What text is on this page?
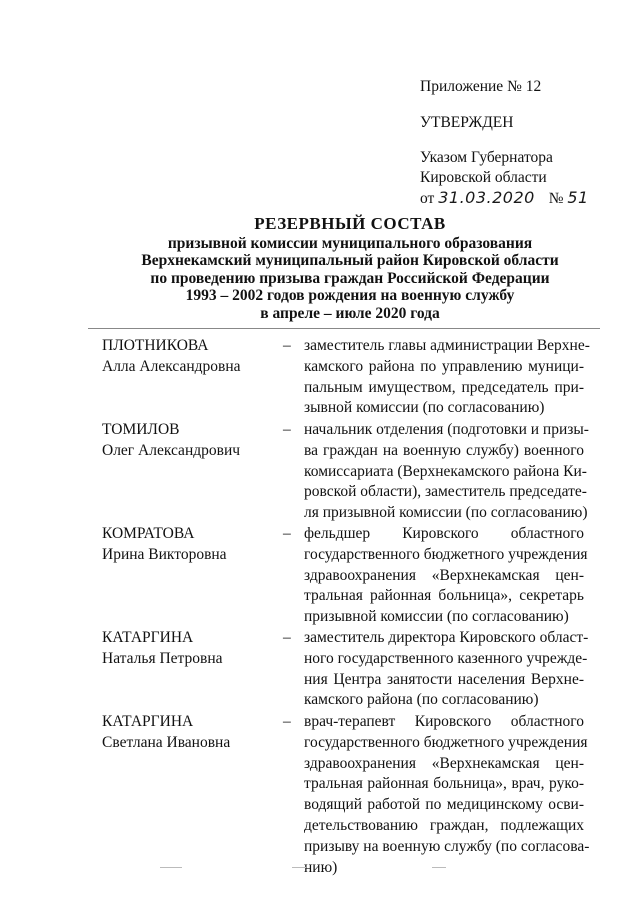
Приложение № 12
УТВЕРЖДЕН
Указом Губернатора
Кировской области
от 31.03.2020 № 51
РЕЗЕРВНЫЙ СОСТАВ
призывной комиссии муниципального образования
Верхнекамский муниципальный район Кировской области
по проведению призыва граждан Российской Федерации
1993 – 2002 годов рождения на военную службу
в апреле – июле 2020 года
ПЛОТНИКОВА
Алла Александровна
– заместитель главы администрации Верхне-
камского района по управлению муници-
пальным имуществом, председатель при-
зывной комиссии (по согласованию)
ТОМИЛОВ
Олег Александрович
– начальник отделения (подготовки и призы-
ва граждан на военную службу) военного
комиссариата (Верхнекамского района Ки-
ровской области), заместитель председате-
ля призывной комиссии (по согласованию)
КОМРАТОВА
Ирина Викторовна
– фельдшер Кировского областного
государственного бюджетного учреждения
здравоохранения «Верхнекамская цен-
тральная районная больница», секретарь
призывной комиссии (по согласованию)
КАТАРГИНА
Наталья Петровна
– заместитель директора Кировского област-
ного государственного казенного учрежде-
ния Центра занятости населения Верхне-
камского района (по согласованию)
КАТАРГИНА
Светлана Ивановна
– врач-терапевт Кировского областного
государственного бюджетного учреждения
здравоохранения «Верхнекамская цен-
тральная районная больница», врач, руко-
водящий работой по медицинскому осви-
детельствованию граждан, подлежащих
призыву на военную службу (по согласова-
нию)
